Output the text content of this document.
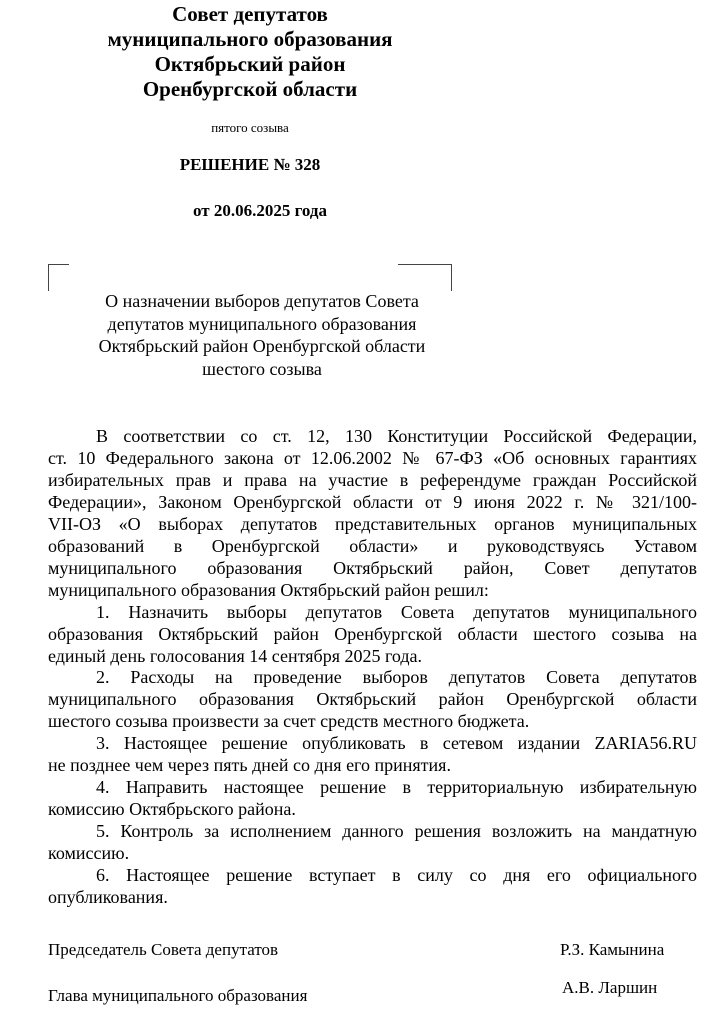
Совет депутатов
муниципального образования
Октябрьский район
Оренбургской области
пятого созыва
РЕШЕНИЕ № 328
от 20.06.2025 года
О назначении выборов депутатов Совета
депутатов муниципального образования
Октябрьский район Оренбургской области
шестого созыва
В соответствии со ст. 12, 130 Конституции Российской Федерации,
ст. 10 Федерального закона от 12.06.2002 № 67-ФЗ «Об основных гарантиях
избирательных прав и права на участие в референдуме граждан Российской
Федерации», Законом Оренбургской области от 9 июня 2022 г. № 321/100-
VII-ОЗ «О выборах депутатов представительных органов муниципальных
образований в Оренбургской области» и руководствуясь Уставом
муниципального образования Октябрьский район, Совет депутатов
муниципального образования Октябрьский район решил:
1. Назначить выборы депутатов Совета депутатов муниципального
образования Октябрьский район Оренбургской области шестого созыва на
единый день голосования 14 сентября 2025 года.
2. Расходы на проведение выборов депутатов Совета депутатов
муниципального образования Октябрьский район Оренбургской области
шестого созыва произвести за счет средств местного бюджета.
3. Настоящее решение опубликовать в сетевом издании ZARIA56.RU
не позднее чем через пять дней со дня его принятия.
4. Направить настоящее решение в территориальную избирательную
комиссию Октябрьского района.
5. Контроль за исполнением данного решения возложить на мандатную
комиссию.
6. Настоящее решение вступает в силу со дня его официального
опубликования.
Председатель Совета депутатов	Р.З. Камынина
Глава муниципального образования	А.В. Ларшин
